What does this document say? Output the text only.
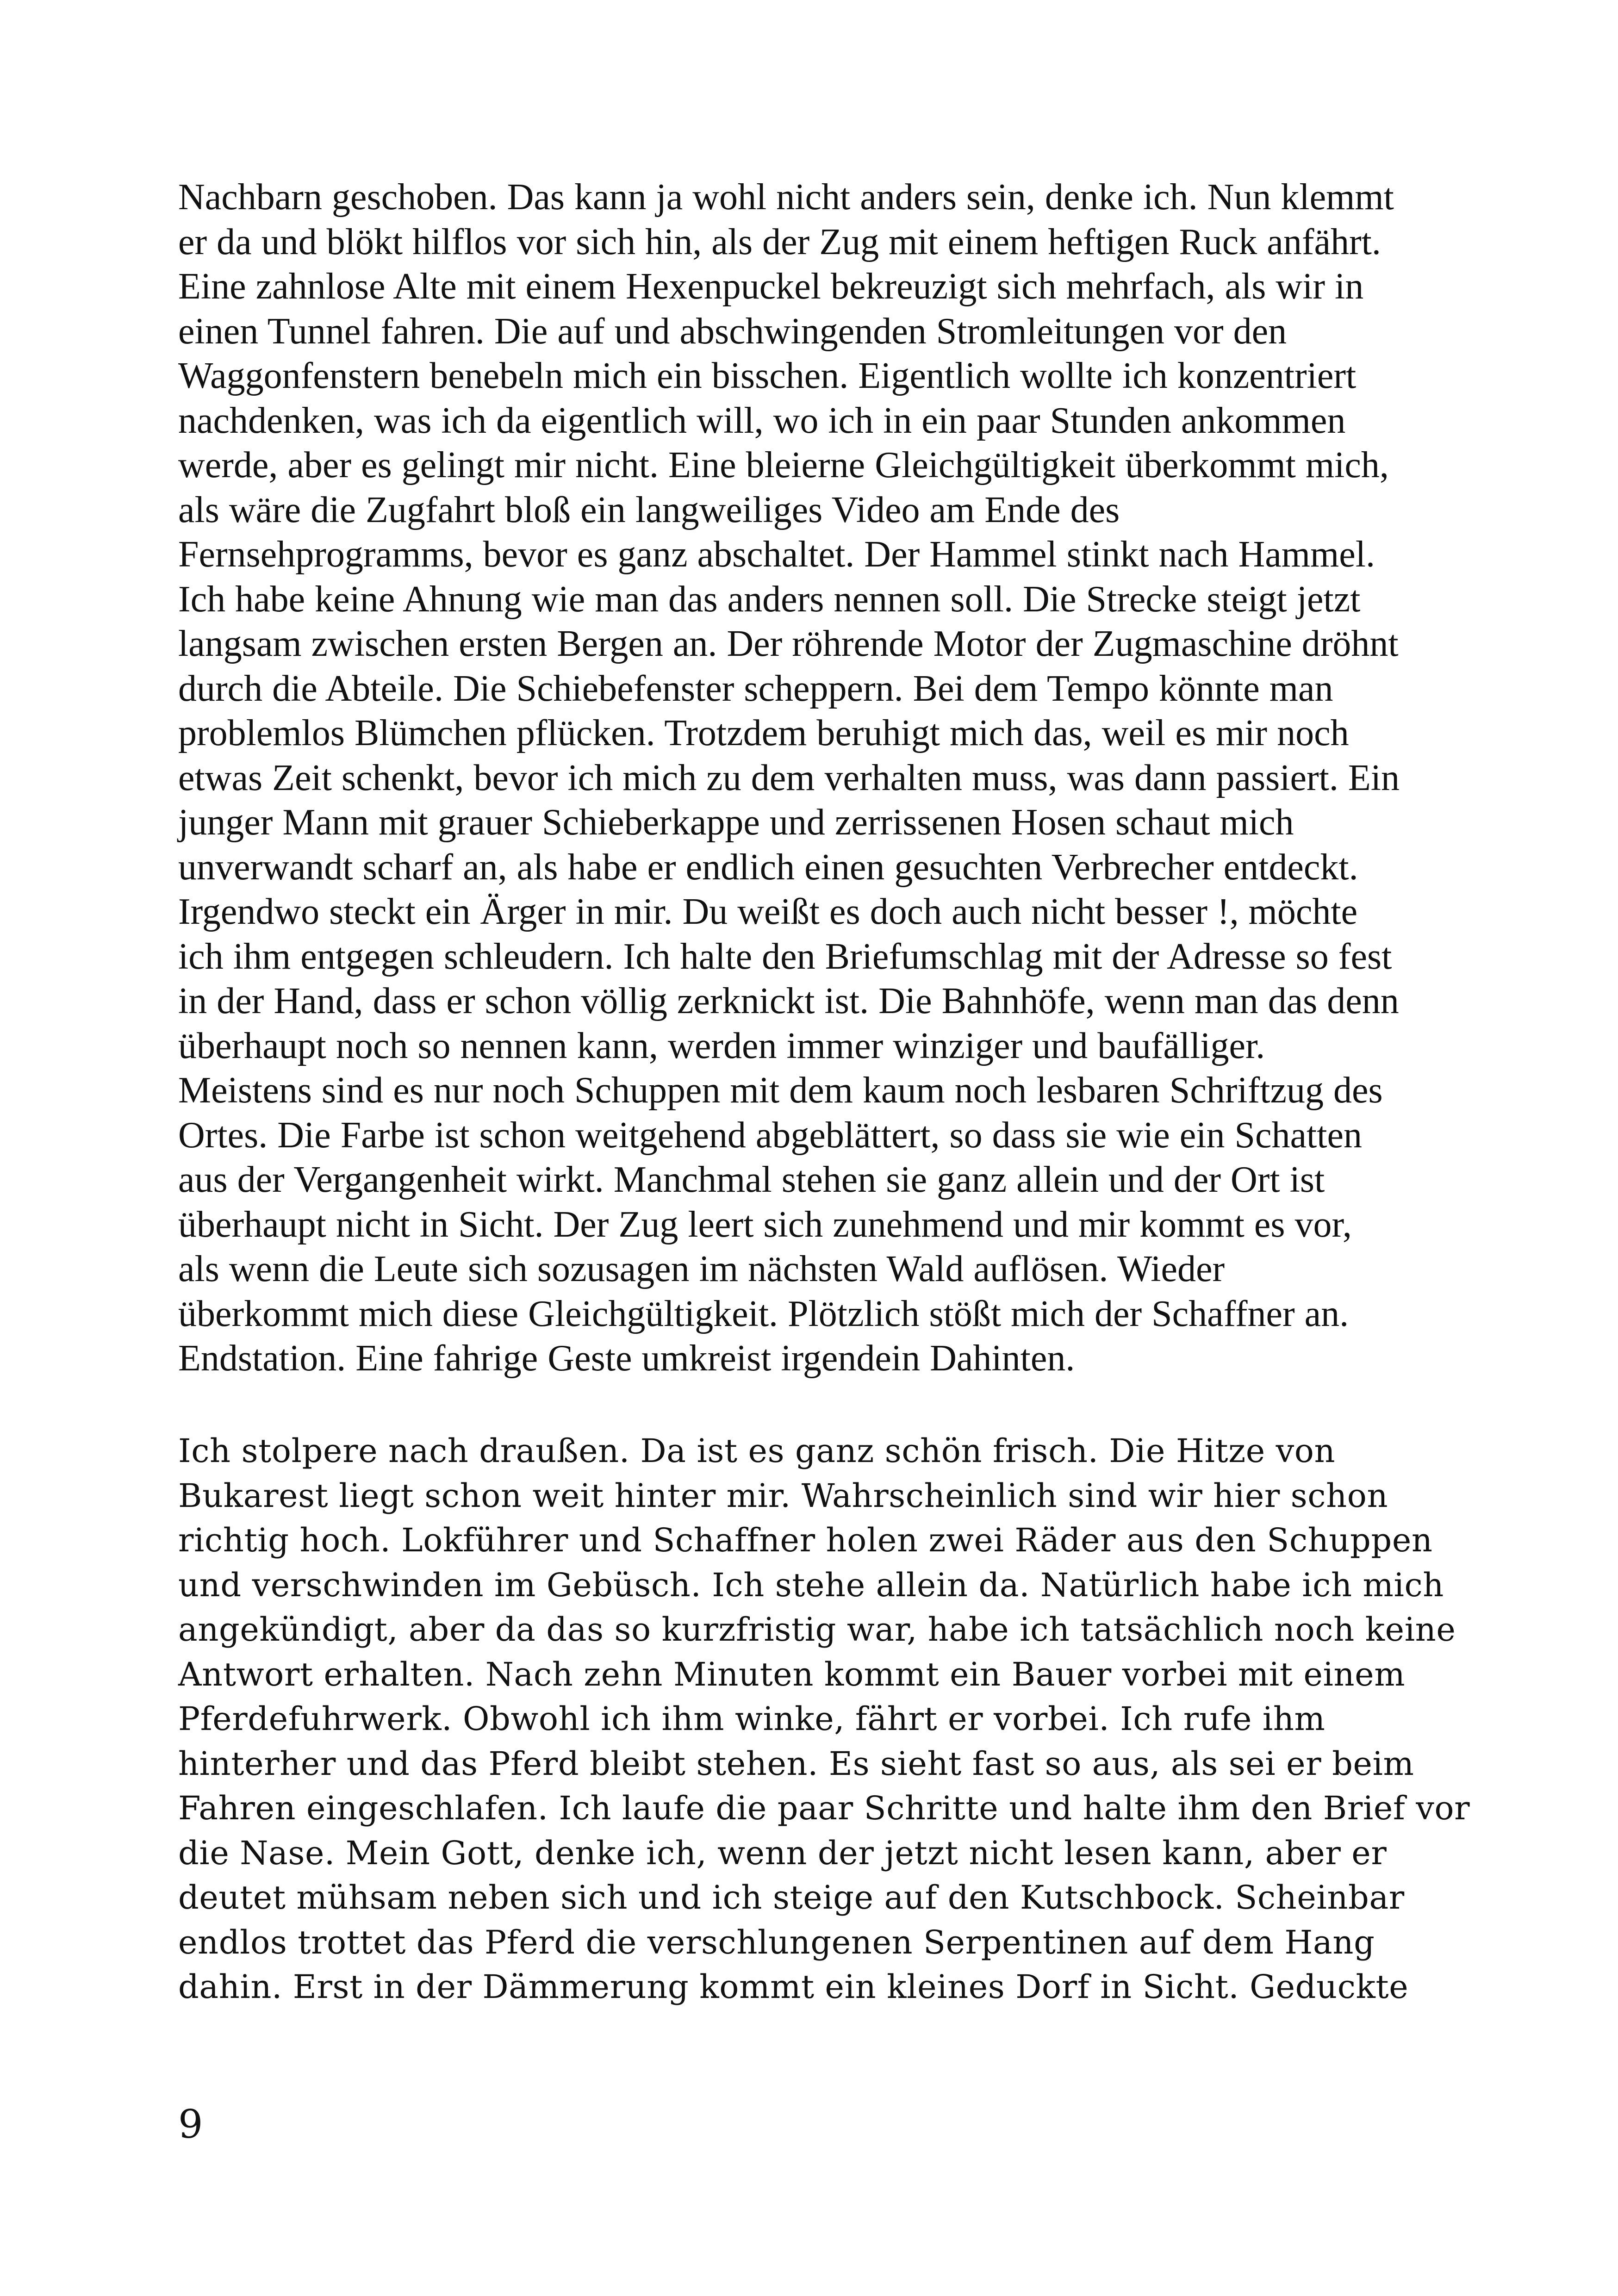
Nachbarn geschoben. Das kann ja wohl nicht anders sein, denke ich. Nun klemmt
er da und blökt hilflos vor sich hin, als der Zug mit einem heftigen Ruck anfährt.
Eine zahnlose Alte mit einem Hexenpuckel bekreuzigt sich mehrfach, als wir in
einen Tunnel fahren. Die auf und abschwingenden Stromleitungen vor den
Waggonfenstern benebeln mich ein bisschen. Eigentlich wollte ich konzentriert
nachdenken, was ich da eigentlich will, wo ich in ein paar Stunden ankommen
werde, aber es gelingt mir nicht. Eine bleierne Gleichgültigkeit überkommt mich,
als wäre die Zugfahrt bloß ein langweiliges Video am Ende des
Fernsehprogramms, bevor es ganz abschaltet. Der Hammel stinkt nach Hammel.
Ich habe keine Ahnung wie man das anders nennen soll. Die Strecke steigt jetzt
langsam zwischen ersten Bergen an. Der röhrende Motor der Zugmaschine dröhnt
durch die Abteile. Die Schiebefenster scheppern. Bei dem Tempo könnte man
problemlos Blümchen pflücken. Trotzdem beruhigt mich das, weil es mir noch
etwas Zeit schenkt, bevor ich mich zu dem verhalten muss, was dann passiert. Ein
junger Mann mit grauer Schieberkappe und zerrissenen Hosen schaut mich
unverwandt scharf an, als habe er endlich einen gesuchten Verbrecher entdeckt.
Irgendwo steckt ein Ärger in mir. Du weißt es doch auch nicht besser !, möchte
ich ihm entgegen schleudern. Ich halte den Briefumschlag mit der Adresse so fest
in der Hand, dass er schon völlig zerknickt ist. Die Bahnhöfe, wenn man das denn
überhaupt noch so nennen kann, werden immer winziger und baufälliger.
Meistens sind es nur noch Schuppen mit dem kaum noch lesbaren Schriftzug des
Ortes. Die Farbe ist schon weitgehend abgeblättert, so dass sie wie ein Schatten
aus der Vergangenheit wirkt. Manchmal stehen sie ganz allein und der Ort ist
überhaupt nicht in Sicht. Der Zug leert sich zunehmend und mir kommt es vor,
als wenn die Leute sich sozusagen im nächsten Wald auflösen. Wieder
überkommt mich diese Gleichgültigkeit. Plötzlich stößt mich der Schaffner an.
Endstation. Eine fahrige Geste umkreist irgendein Dahinten.
Ich stolpere nach draußen. Da ist es ganz schön frisch. Die Hitze von
Bukarest liegt schon weit hinter mir. Wahrscheinlich sind wir hier schon
richtig hoch. Lokführer und Schaffner holen zwei Räder aus den Schuppen
und verschwinden im Gebüsch. Ich stehe allein da. Natürlich habe ich mich
angekündigt, aber da das so kurzfristig war, habe ich tatsächlich noch keine
Antwort erhalten. Nach zehn Minuten kommt ein Bauer vorbei mit einem
Pferdefuhrwerk. Obwohl ich ihm winke, fährt er vorbei. Ich rufe ihm
hinterher und das Pferd bleibt stehen. Es sieht fast so aus, als sei er beim
Fahren eingeschlafen. Ich laufe die paar Schritte und halte ihm den Brief vor
die Nase. Mein Gott, denke ich, wenn der jetzt nicht lesen kann, aber er
deutet mühsam neben sich und ich steige auf den Kutschbock. Scheinbar
endlos trottet das Pferd die verschlungenen Serpentinen auf dem Hang
dahin. Erst in der Dämmerung kommt ein kleines Dorf in Sicht. Geduckte
9
